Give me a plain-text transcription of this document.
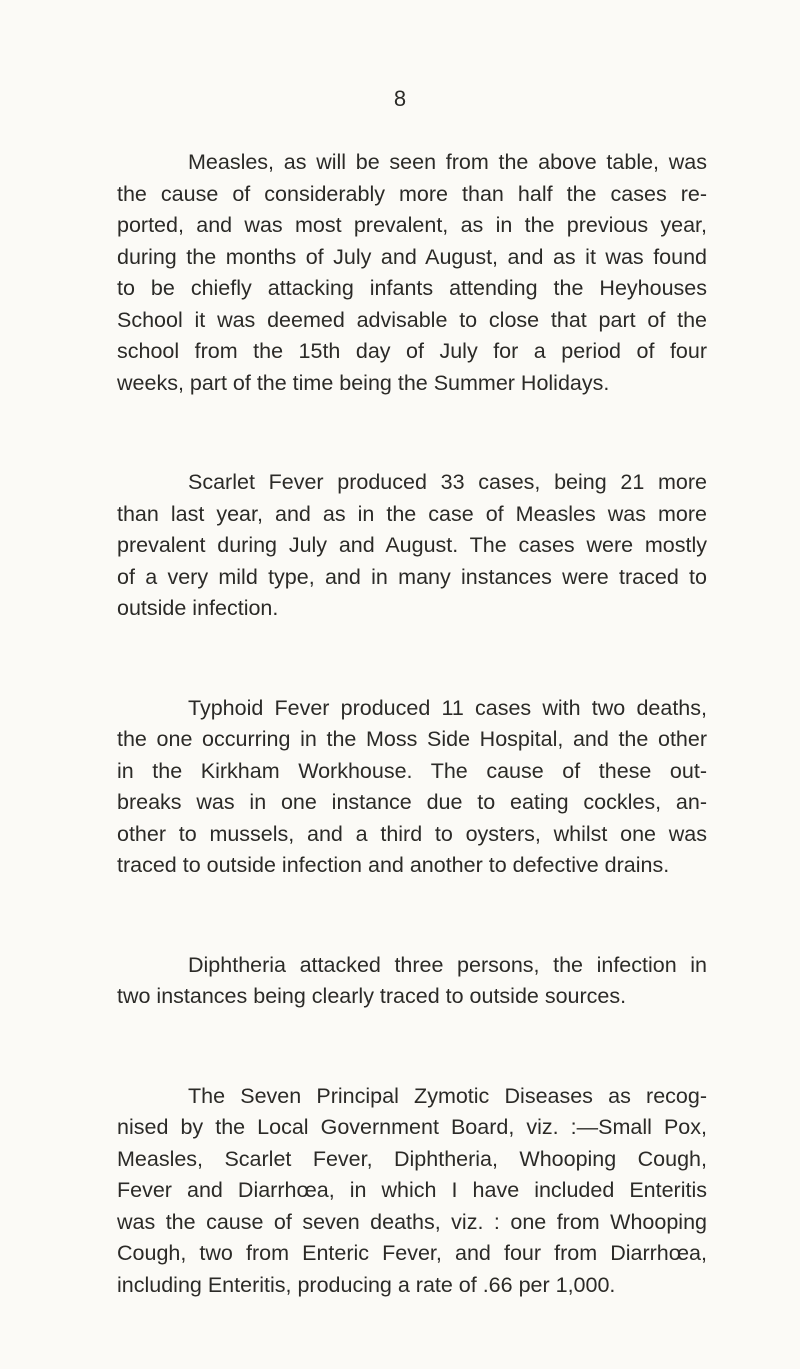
8

Measles, as will be seen from the above table, was
the cause of considerably more than half the cases re-
ported, and was most prevalent, as in the previous year,
during the months of July and August, and as it was found
to be chiefly attacking infants attending the Heyhouses
School it was deemed advisable to close that part of the
school from the 15th day of July for a period of four
weeks, part of the time being the Summer Holidays.

Scarlet Fever produced 33 cases, being 21 more
than last year, and as in the case of Measles was more
prevalent during July and August. The cases were mostly
of a very mild type, and in many instances were traced to
outside infection.

Typhoid Fever produced 11 cases with two deaths,
the one occurring in the Moss Side Hospital, and the other
in the Kirkham Workhouse. The cause of these out-
breaks was in one instance due to eating cockles, an-
other to mussels, and a third to oysters, whilst one was
traced to outside infection and another to defective drains.

Diphtheria attacked three persons, the infection in
two instances being clearly traced to outside sources.

The Seven Principal Zymotic Diseases as recog-
nised by the Local Government Board, viz. :—Small Pox,
Measles, Scarlet Fever, Diphtheria, Whooping Cough,
Fever and Diarrhœa, in which I have included Enteritis
was the cause of seven deaths, viz. : one from Whooping
Cough, two from Enteric Fever, and four from Diarrhœa,
including Enteritis, producing a rate of .66 per 1,000.
